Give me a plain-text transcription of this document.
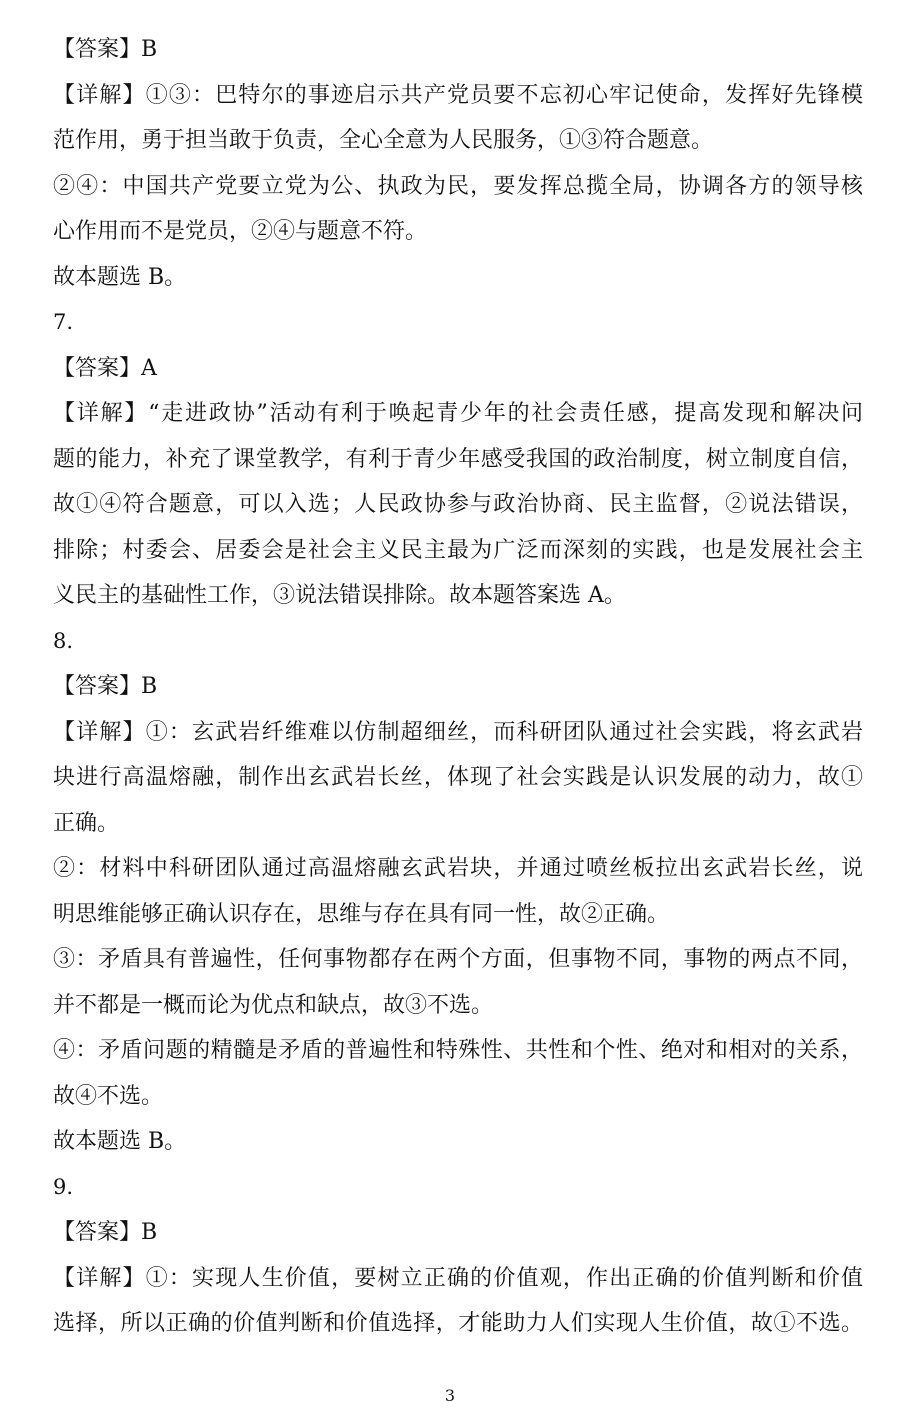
【答案】B
【详解】①③：巴特尔的事迹启示共产党员要不忘初心牢记使命，发挥好先锋模
范作用，勇于担当敢于负责，全心全意为人民服务，①③符合题意。
②④：中国共产党要立党为公、执政为民，要发挥总揽全局，协调各方的领导核
心作用而不是党员，②④与题意不符。
故本题选 B。
7.
【答案】A
【详解】“走进政协”活动有利于唤起青少年的社会责任感，提高发现和解决问
题的能力，补充了课堂教学，有利于青少年感受我国的政治制度，树立制度自信，
故①④符合题意，可以入选；人民政协参与政治协商、民主监督，②说法错误，
排除；村委会、居委会是社会主义民主最为广泛而深刻的实践，也是发展社会主
义民主的基础性工作，③说法错误排除。故本题答案选 A。
8.
【答案】B
【详解】①：玄武岩纤维难以仿制超细丝，而科研团队通过社会实践，将玄武岩
块进行高温熔融，制作出玄武岩长丝，体现了社会实践是认识发展的动力，故①
正确。
②：材料中科研团队通过高温熔融玄武岩块，并通过喷丝板拉出玄武岩长丝，说
明思维能够正确认识存在，思维与存在具有同一性，故②正确。
③：矛盾具有普遍性，任何事物都存在两个方面，但事物不同，事物的两点不同，
并不都是一概而论为优点和缺点，故③不选。
④：矛盾问题的精髓是矛盾的普遍性和特殊性、共性和个性、绝对和相对的关系，
故④不选。
故本题选 B。
9.
【答案】B
【详解】①：实现人生价值，要树立正确的价值观，作出正确的价值判断和价值
选择，所以正确的价值判断和价值选择，才能助力人们实现人生价值，故①不选。
3
